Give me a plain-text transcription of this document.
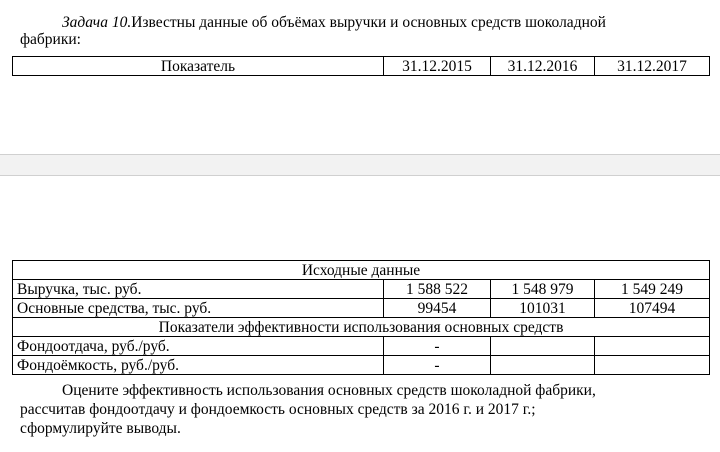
Задача 10.Известны данные об объёмах выручки и основных средств шоколадной
фабрики:
Показатель	31.12.2015	31.12.2016	31.12.2017
Исходные данные			
Выручка, тыс. руб.	1 588 522	1 548 979	1 549 249
Основные средства, тыс. руб.	99454	101031	107494
Показатели эффективности использования основных средств			
Фондоотдача, руб./руб.	-		
Фондоёмкость, руб./руб.	-		
Оцените эффективность использования основных средств шоколадной фабрики,
рассчитав фондоотдачу и фондоемкость основных средств за 2016 г. и 2017 г.;
сформулируйте выводы.
